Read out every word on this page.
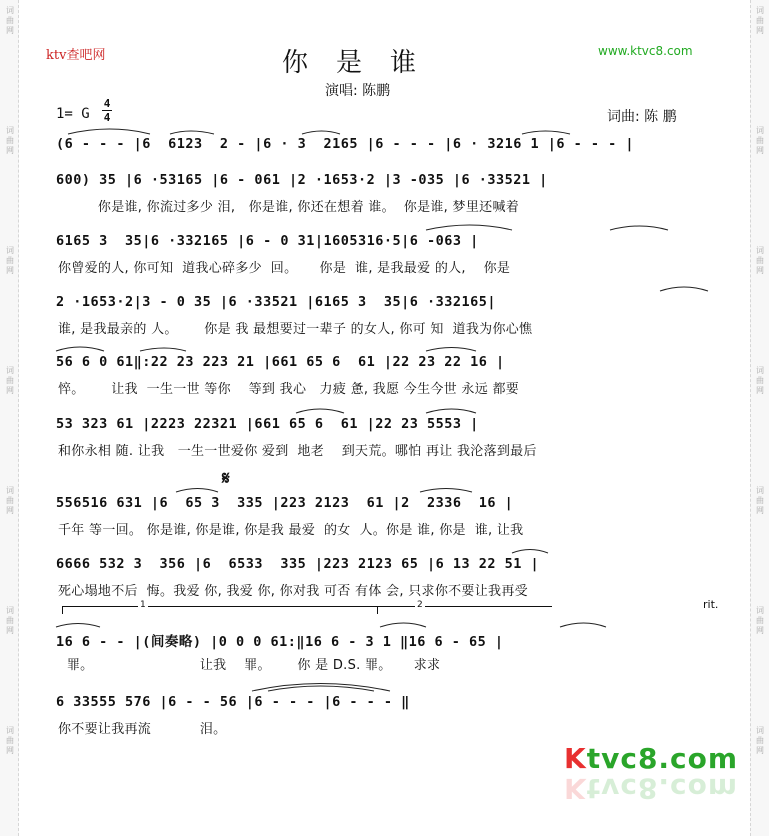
词
曲
网
词
曲
网
词
曲
网
词
曲
网
词
曲
网
词
曲
网
词
曲
网
词
曲
网
词
曲
网
词
曲
网
词
曲
网
词
曲
网
词
曲
网
词
曲
网
ktv查吧网	www.ktvc8.com
你是谁
演唱: 陈鹏
1= G
4
4	词曲: 陈 鹏
(6 - - - |6  6123  2 - |6 · 3  2165 |6 - - - |6 · 3216 1 |6 - - - |
600) 35 |6 ·53165 |6 - 061 |2 ·1653·2 |3 -035 |6 ·33521 |
你是谁, 你流过多少 泪,   你是谁, 你还在想着 谁。  你是谁, 梦里还喊着
6165 3  35|6 ·332165 |6 - 0 31|1605316·5|6 -063 |
你曾爱的人, 你可知  道我心碎多少  回。     你是  谁, 是我最爱 的人,    你是
2 ·1653·2|3 - 0 35 |6 ·33521 |6165 3  35|6 ·332165|
谁, 是我最亲的 人。      你是 我 最想要过一辈子 的女人, 你可 知  道我为你心憔
56 6 0 61‖:22 23 223 21 |661 65 6  61 |22 23 22 16 |
悴。      让我  一生一世 等你    等到 我心   力疲 惫, 我愿 今生今世 永远 都要
53 323 61 |2223 22321 |661 65 6  61 |22 23 5553 |
和你永相 随. 让我   一生一世爱你 爱到  地老    到天荒。哪怕 再让 我沦落到最后
𝄋
556516 631 |6  65 3  335 |223 2123  61 |2  2336  16 |
千年 等一回。 你是谁, 你是谁, 你是我 最爱  的女  人。你是 谁, 你是  谁, 让我
6666 532 3  356 |6  6533  335 |223 2123 65 |6 13 22 51 |
死心塌地不后  悔。我爱 你, 我爱 你, 你对我 可否 有体 会, 只求你不要让我再受
1	2	rit.
16 6 - - |(间奏略) |0 0 0 61:‖16 6 - 3 1 ‖16 6 - 65 |
罪。                        让我    罪。      你 是 D.S. 罪。     求求
6 33555 576 |6 - - 56 |6 - - - |6 - - - ‖
你不要让我再流           泪。
Ktvc8.com
Ktvc8.com
